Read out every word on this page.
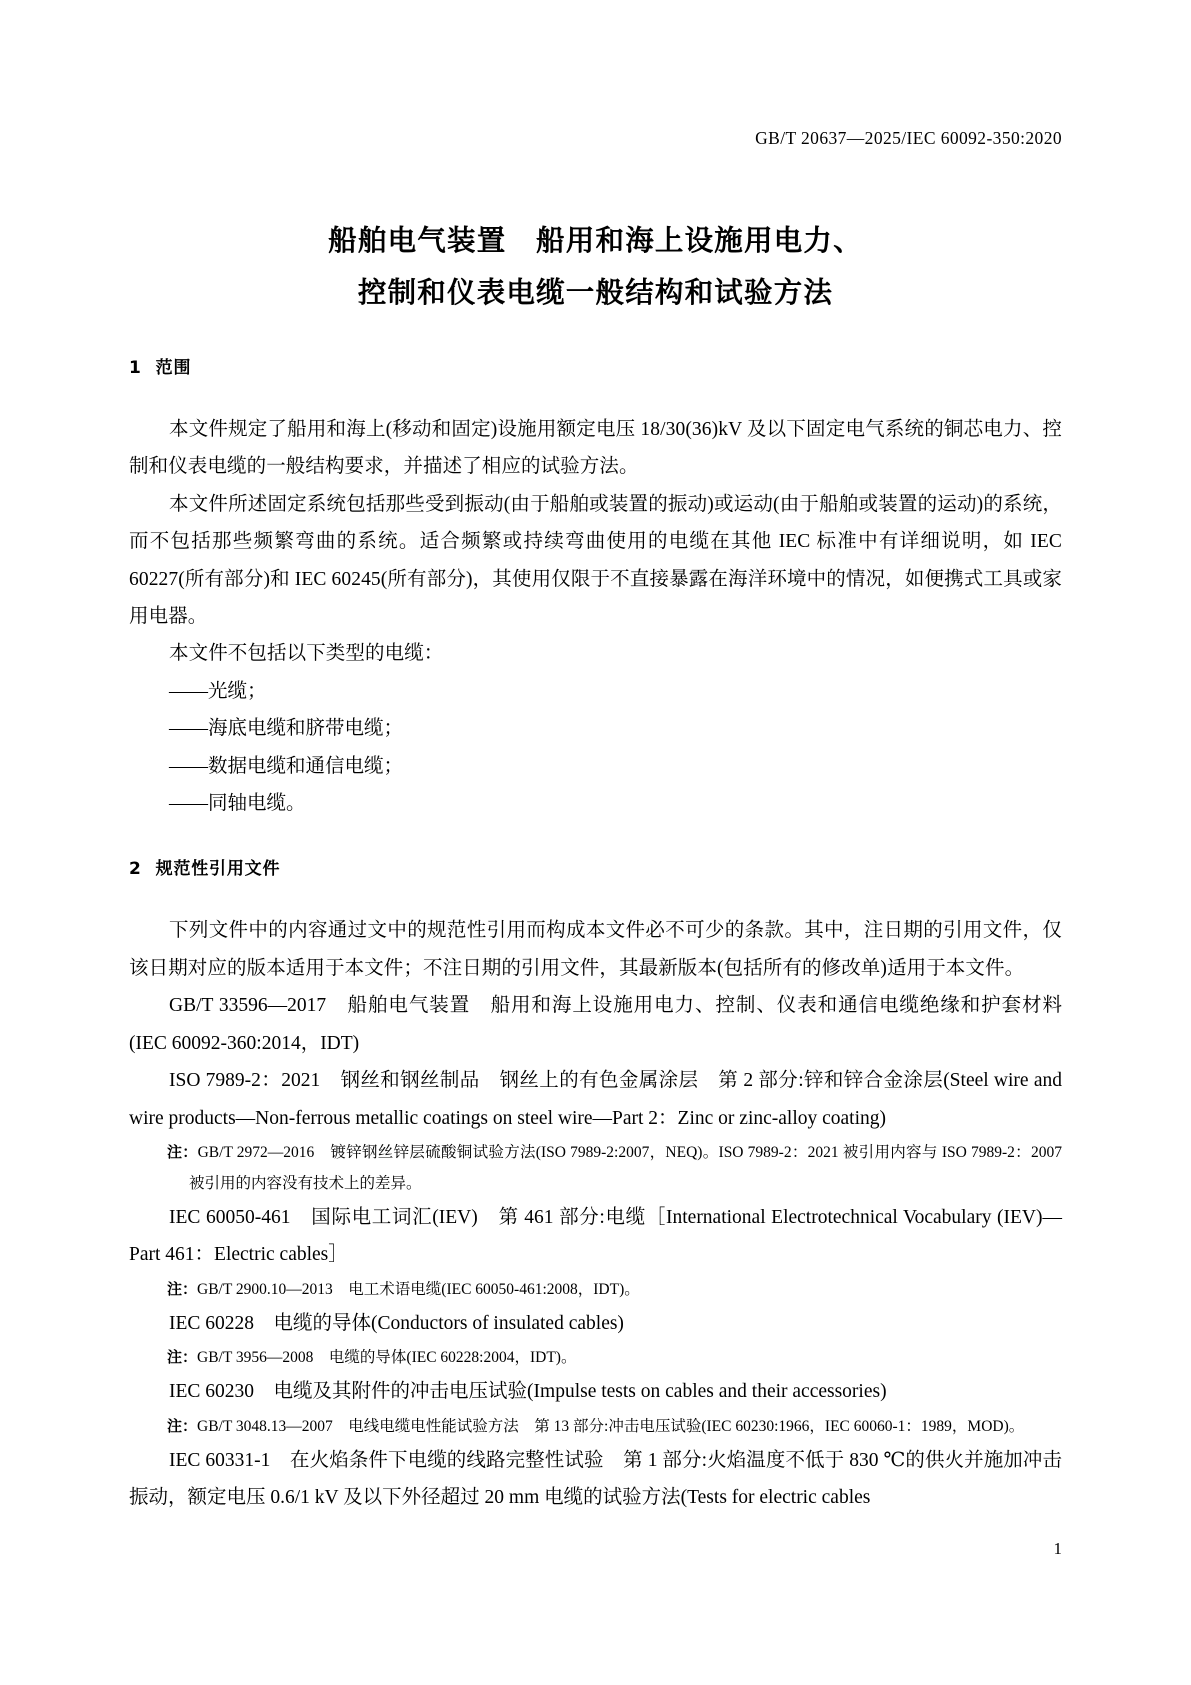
GB/T 20637—2025/IEC 60092-350:2020
船舶电气装置　船用和海上设施用电力、
控制和仪表电缆一般结构和试验方法
1 范围

本文件规定了船用和海上(移动和固定)设施用额定电压 18/30(36)kV 及以下固定电气系统的铜芯电力、控制和仪表电缆的一般结构要求，并描述了相应的试验方法。

本文件所述固定系统包括那些受到振动(由于船舶或装置的振动)或运动(由于船舶或装置的运动)的系统，而不包括那些频繁弯曲的系统。适合频繁或持续弯曲使用的电缆在其他 IEC 标准中有详细说明，如 IEC 60227(所有部分)和 IEC 60245(所有部分)，其使用仅限于不直接暴露在海洋环境中的情况，如便携式工具或家用电器。

本文件不包括以下类型的电缆：

——光缆；

——海底电缆和脐带电缆；

——数据电缆和通信电缆；

——同轴电缆。

2 规范性引用文件

下列文件中的内容通过文中的规范性引用而构成本文件必不可少的条款。其中，注日期的引用文件，仅该日期对应的版本适用于本文件；不注日期的引用文件，其最新版本(包括所有的修改单)适用于本文件。

GB/T 33596—2017　船舶电气装置　船用和海上设施用电力、控制、仪表和通信电缆绝缘和护套材料(IEC 60092-360:2014，IDT)

ISO 7989-2：2021　钢丝和钢丝制品　钢丝上的有色金属涂层　第 2 部分:锌和锌合金涂层(Steel wire and wire products—Non-ferrous metallic coatings on steel wire—Part 2：Zinc or zinc-alloy coating)

注：GB/T 2972—2016　镀锌钢丝锌层硫酸铜试验方法(ISO 7989-2:2007，NEQ)。ISO 7989-2：2021 被引用内容与 ISO 7989-2：2007 被引用的内容没有技术上的差异。

IEC 60050-461　国际电工词汇(IEV)　第 461 部分:电缆［International Electrotechnical Vocabulary (IEV)—Part 461：Electric cables］

注：GB/T 2900.10—2013　电工术语电缆(IEC 60050-461:2008，IDT)。

IEC 60228　电缆的导体(Conductors of insulated cables)

注：GB/T 3956—2008　电缆的导体(IEC 60228:2004，IDT)。

IEC 60230　电缆及其附件的冲击电压试验(Impulse tests on cables and their accessories)

注：GB/T 3048.13—2007　电线电缆电性能试验方法　第 13 部分:冲击电压试验(IEC 60230:1966，IEC 60060-1：1989，MOD)。

IEC 60331-1　在火焰条件下电缆的线路完整性试验　第 1 部分:火焰温度不低于 830 ℃的供火并施加冲击振动，额定电压 0.6/1 kV 及以下外径超过 20 mm 电缆的试验方法(Tests for electric cables

1
